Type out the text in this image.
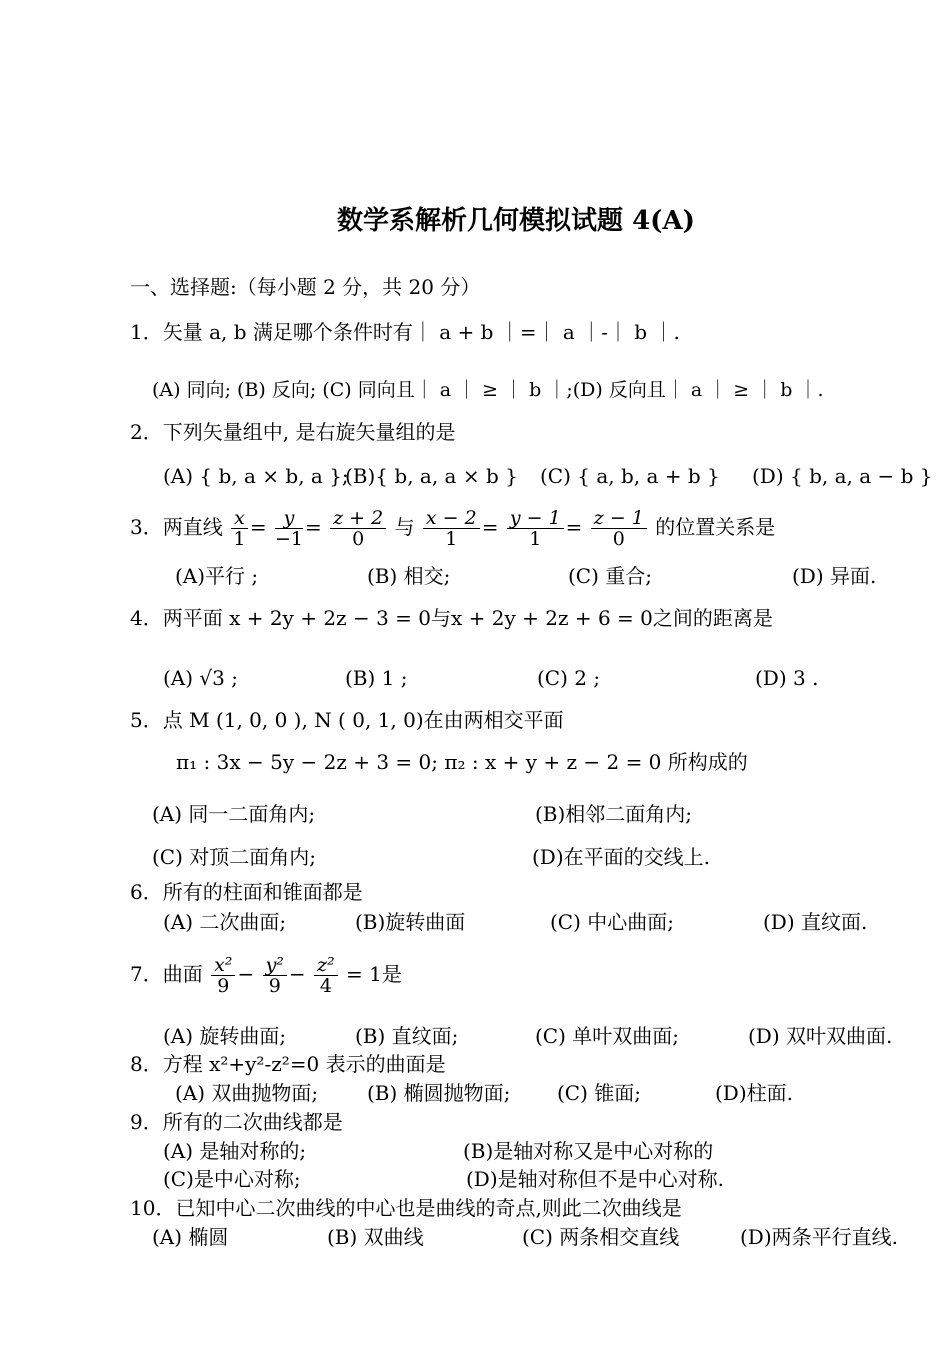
数学系解析几何模拟试题 4(A)
一、选择题:（每小题 2 分，共 20 分）
1．矢量 a, b 满足哪个条件时有｜ a + b ｜=｜ a ｜-｜ b ｜.
(A) 同向; (B) 反向; (C) 同向且｜ a ｜ ≥ ｜ b ｜;(D) 反向且｜ a ｜ ≥ ｜ b ｜.
2．下列矢量组中, 是右旋矢量组的是
(A) { b, a × b, a };
(B){ b, a, a × b } (C) { a, b, a + b } (D) { b, a, a − b }
3．两直线 $\frac{x}{1} = \frac{y}{-1} = \frac{z + 2}{0}$ 与 $\frac{x - 2}{1} = \frac{y - 1}{1} = \frac{z - 1}{0}$ 的位置关系是
(A)平行 ;	(B) 相交;	(C) 重合;	(D) 异面.
4．两平面 x + 2y + 2z − 3 = 0与x + 2y + 2z + 6 = 0之间的距离是
(A) √3 ;	(B) 1 ;	(C) 2 ;	(D) 3 .
5．点 M (1, 0, 0 ), N ( 0, 1, 0)在由两相交平面
π₁ : 3x − 5y − 2z + 3 = 0; π₂ : x + y + z − 2 = 0 所构成的
(A) 同一二面角内;	(B)相邻二面角内;
(C) 对顶二面角内;	(D)在平面的交线上.
6．所有的柱面和锥面都是
(A) 二次曲面;	(B)旋转曲面	(C) 中心曲面;	(D) 直纹面.
7．曲面 $\frac{\text{x²}}{9} - \frac{\text{y²}}{9} - \frac{\text{z²}}{4} = 1$是
(A) 旋转曲面;	(B) 直纹面;	(C) 单叶双曲面;	(D) 双叶双曲面.
8．方程 x²+y²-z²=0 表示的曲面是
(A) 双曲抛物面; (B) 椭圆抛物面; (C) 锥面;	(D)柱面.
9．所有的二次曲线都是
(A) 是轴对称的;	(B)是轴对称又是中心对称的
(C)是中心对称;	(D)是轴对称但不是中心对称.
10．已知中心二次曲线的中心也是曲线的奇点,则此二次曲线是
(A) 椭圆	(B) 双曲线	(C) 两条相交直线	(D)两条平行直线.
